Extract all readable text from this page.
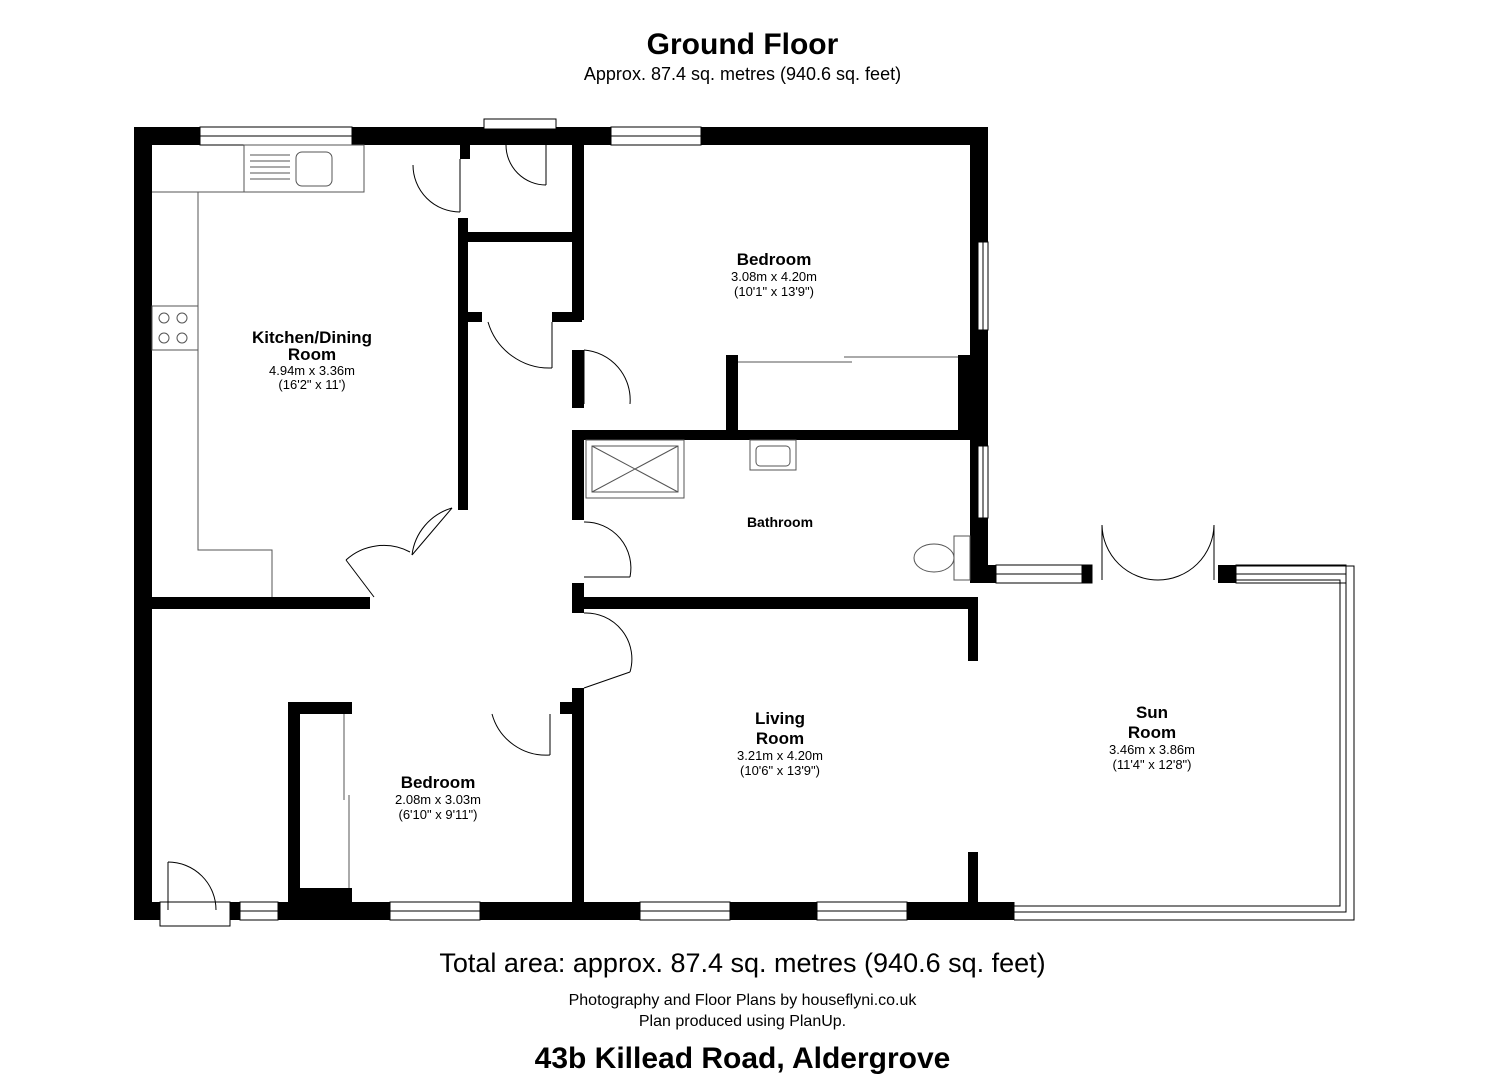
Ground Floor
Approx. 87.4 sq. metres (940.6 sq. feet)
Kitchen/Dining
Room
4.94m x 3.36m
(16'2" x 11')
Bedroom
3.08m x 4.20m
(10'1" x 13'9")
Bathroom
Living
Room
3.21m x 4.20m
(10'6" x 13'9")
Sun
Room
3.46m x 3.86m
(11'4" x 12'8")
Bedroom
2.08m x 3.03m
(6'10" x 9'11")
Total area: approx. 87.4 sq. metres (940.6 sq. feet)
Photography and Floor Plans by houseflyni.co.uk
Plan produced using PlanUp.
43b Killead Road, Aldergrove
